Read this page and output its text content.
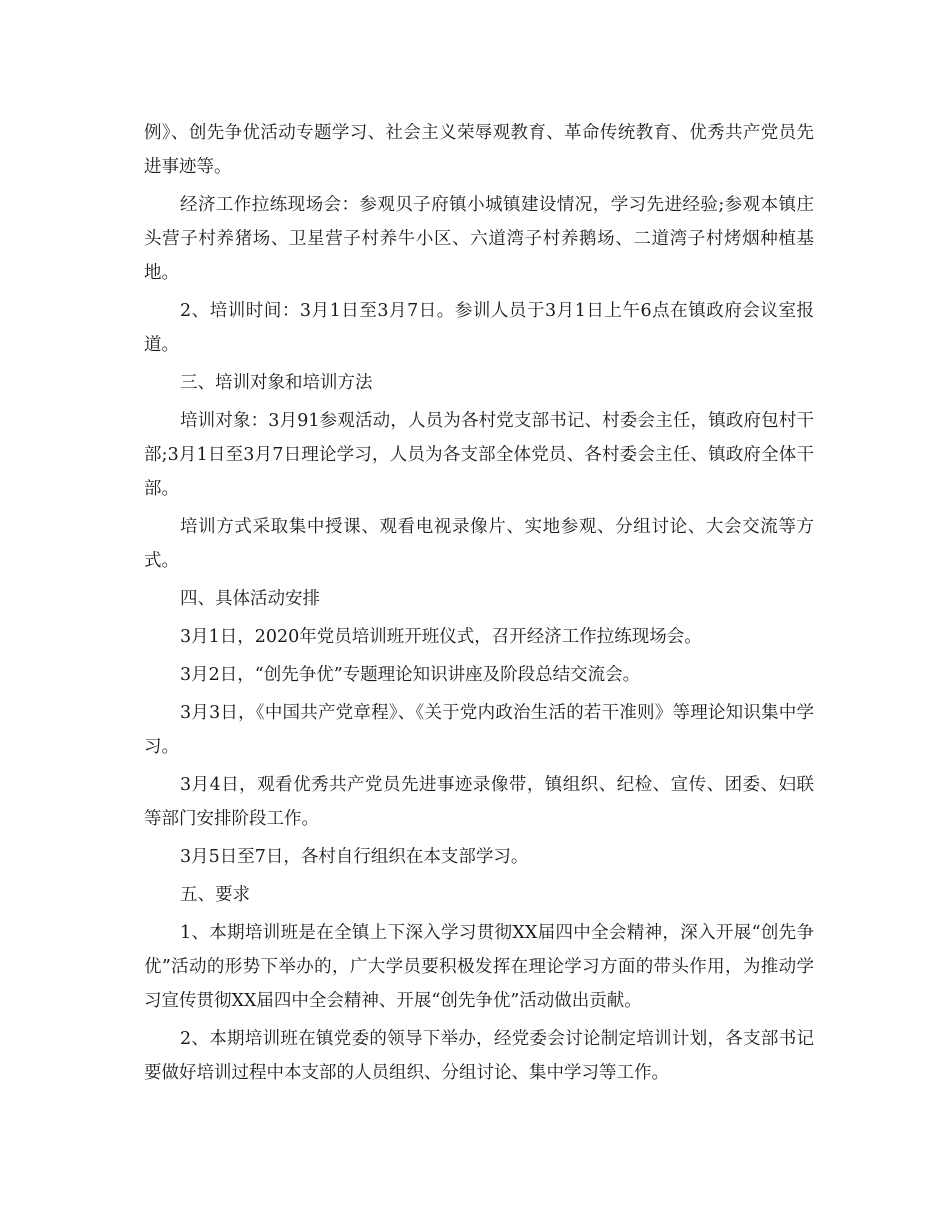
例》、创先争优活动专题学习、社会主义荣辱观教育、革命传统教育、优秀共产党员先进事迹等。

经济工作拉练现场会：参观贝子府镇小城镇建设情况，学习先进经验;参观本镇庄头营子村养猪场、卫星营子村养牛小区、六道湾子村养鹅场、二道湾子村烤烟种植基地。

2、培训时间：3月1日至3月7日。参训人员于3月1日上午6点在镇政府会议室报道。

三、培训对象和培训方法

培训对象：3月91参观活动，人员为各村党支部书记、村委会主任，镇政府包村干部;3月1日至3月7日理论学习，人员为各支部全体党员、各村委会主任、镇政府全体干部。

培训方式采取集中授课、观看电视录像片、实地参观、分组讨论、大会交流等方式。

四、具体活动安排

3月1日，2020年党员培训班开班仪式，召开经济工作拉练现场会。

3月2日，“创先争优”专题理论知识讲座及阶段总结交流会。

3月3日，《中国共产党章程》、《关于党内政治生活的若干准则》等理论知识集中学习。

3月4日，观看优秀共产党员先进事迹录像带，镇组织、纪检、宣传、团委、妇联等部门安排阶段工作。

3月5日至7日，各村自行组织在本支部学习。

五、要求

1、本期培训班是在全镇上下深入学习贯彻XX届四中全会精神，深入开展“创先争优”活动的形势下举办的，广大学员要积极发挥在理论学习方面的带头作用，为推动学习宣传贯彻XX届四中全会精神、开展“创先争优”活动做出贡献。

2、本期培训班在镇党委的领导下举办，经党委会讨论制定培训计划，各支部书记要做好培训过程中本支部的人员组织、分组讨论、集中学习等工作。
